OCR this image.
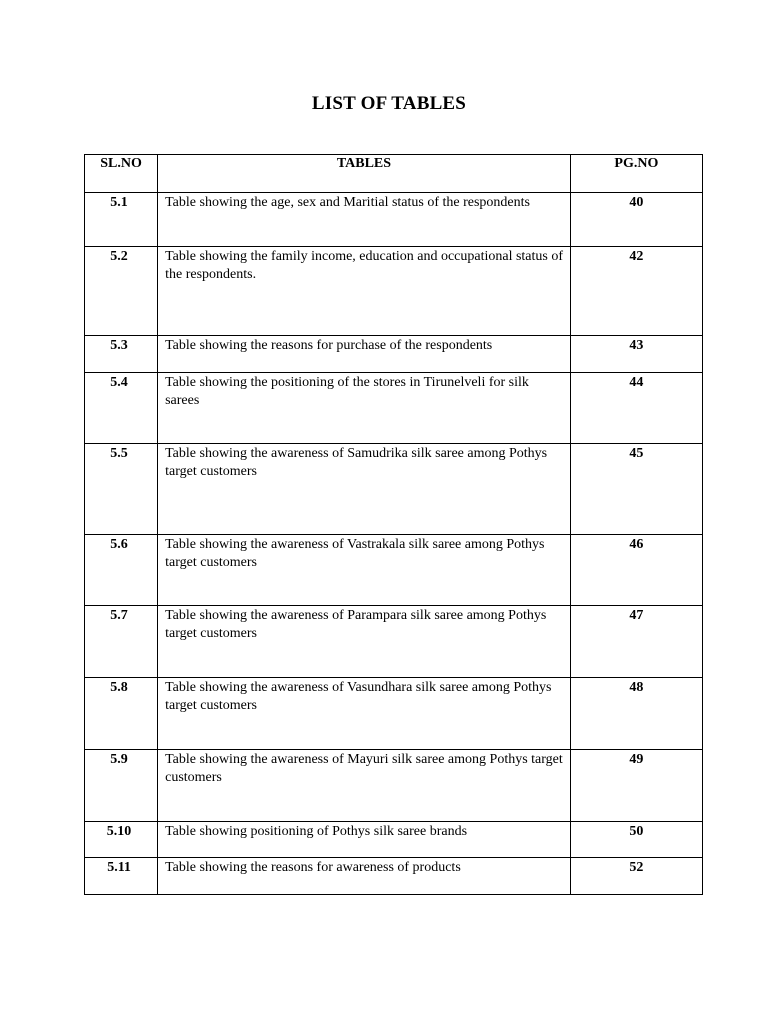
LIST OF TABLES
SL.NO	TABLES	PG.NO

5.1	Table showing the age, sex and Maritial status of the respondents	40

5.2	Table showing the family income, education and occupational status of the respondents.	42

5.3	Table showing the reasons for purchase of the respondents	43

5.4	Table showing the positioning of the stores in Tirunelveli for silk sarees	44

5.5	Table showing the awareness of Samudrika silk saree among Pothys target customers	45

5.6	Table showing the awareness of Vastrakala silk saree among Pothys target customers	46

5.7	Table showing the awareness of Parampara silk saree among Pothys target customers	47

5.8	Table showing the awareness of Vasundhara silk saree among Pothys target customers	48

5.9	Table showing the awareness of Mayuri silk saree among Pothys target customers	49

5.10	Table showing positioning of Pothys silk saree brands	50

5.11	Table showing the reasons for awareness of products	52
